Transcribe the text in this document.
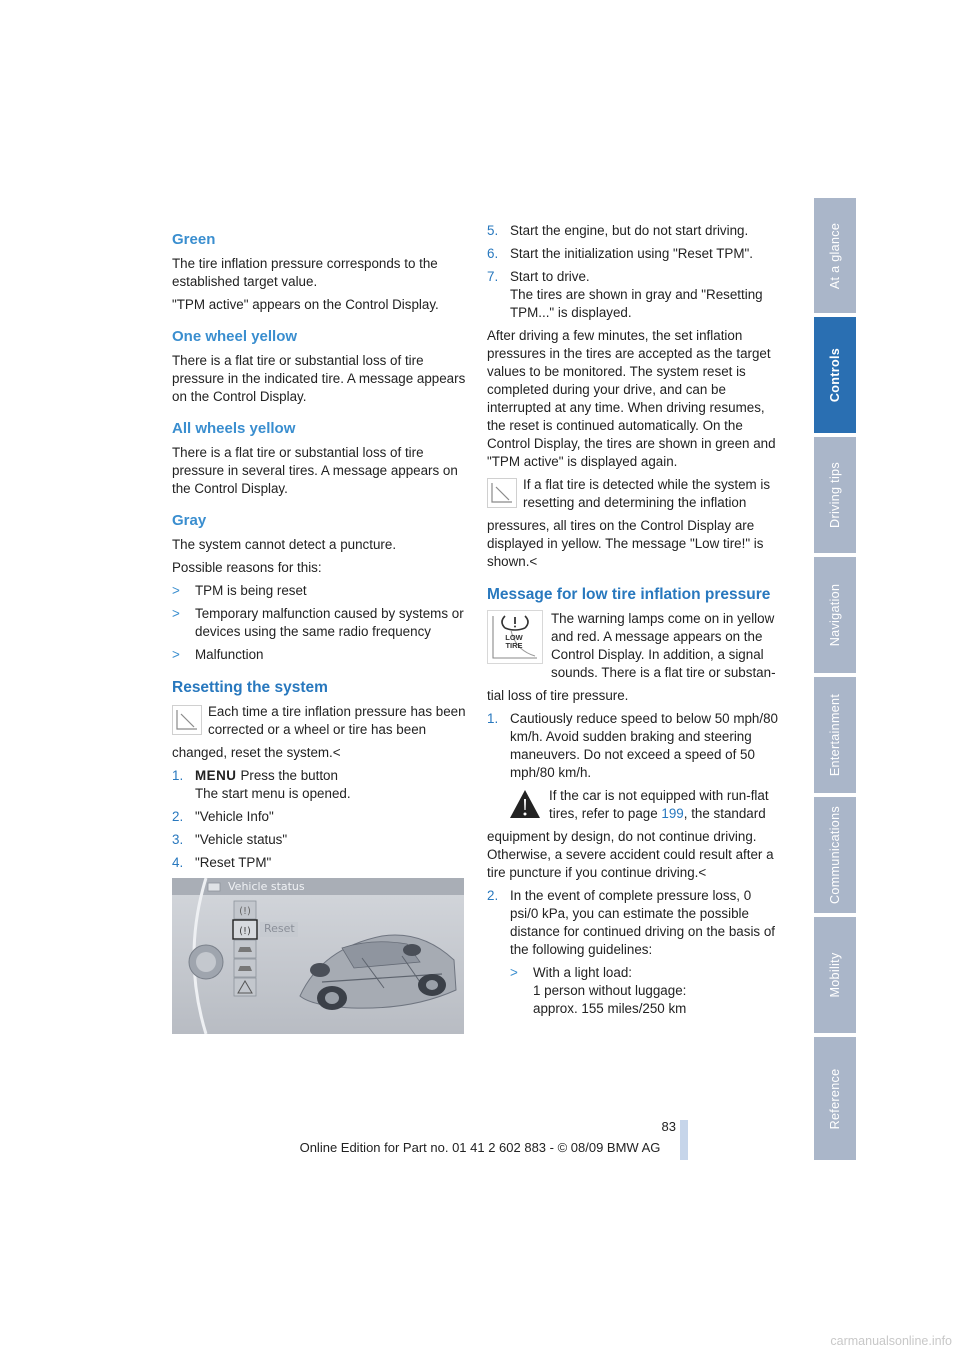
Green

The tire inflation pressure corresponds to the established target value.

"TPM active" appears on the Control Display.

One wheel yellow

There is a flat tire or substantial loss of tire pressure in the indicated tire. A message appears on the Control Display.

All wheels yellow

There is a flat tire or substantial loss of tire pressure in several tires. A message appears on the Control Display.

Gray

The system cannot detect a puncture.

Possible reasons for this:

> TPM is being reset
> Temporary malfunction caused by systems or devices using the same radio frequency
> Malfunction
Resetting the system

Each time a tire inflation pressure has been corrected or a wheel or tire has been

changed, reset the system.<

1. MENU Press the button
The start menu is opened.
2. "Vehicle Info"
3. "Vehicle status"
4. "Reset TPM"
(!)
(!)
Vehicle status
Reset
5. Start the engine, but do not start driving.
6. Start the initialization using "Reset TPM".
7. Start to drive.
The tires are shown in gray and "Resetting TPM..." is displayed.

After driving a few minutes, the set inflation pressures in the tires are accepted as the target values to be monitored. The system reset is completed during your drive, and can be interrupted at any time. When driving resumes, the reset is continued automatically. On the Control Display, the tires are shown in green and "TPM active" is displayed again.

If a flat tire is detected while the system is resetting and determining the inflation

pressures, all tires on the Control Display are displayed in yellow. The message "Low tire!" is shown.<

Message for low tire inflation pressure
LOW TIRE

The warning lamps come on in yellow and red. A message appears on the Control Display. In addition, a signal sounds. There is a flat tire or substan-

tial loss of tire pressure.

1. Cautiously reduce speed to below 50 mph/80 km/h. Avoid sudden braking and steering maneuvers. Do not exceed a speed of 50 mph/80 km/h.

If the car is not equipped with run-flat tires, refer to page 199, the standard

equipment by design, do not continue driving. Otherwise, a severe accident could result after a tire puncture if you continue driving.<

2. In the event of complete pressure loss, 0 psi/0 kPa, you can estimate the possible distance for continued driving on the basis of the following guidelines:
> With a light load:
1 person without luggage:
approx. 155 miles/250 km
At a glance
Controls
Driving tips
Navigation
Entertainment
Communications
Mobility
Reference
83
Online Edition for Part no. 01 41 2 602 883 - © 08/09 BMW AG
carmanualsonline.info
